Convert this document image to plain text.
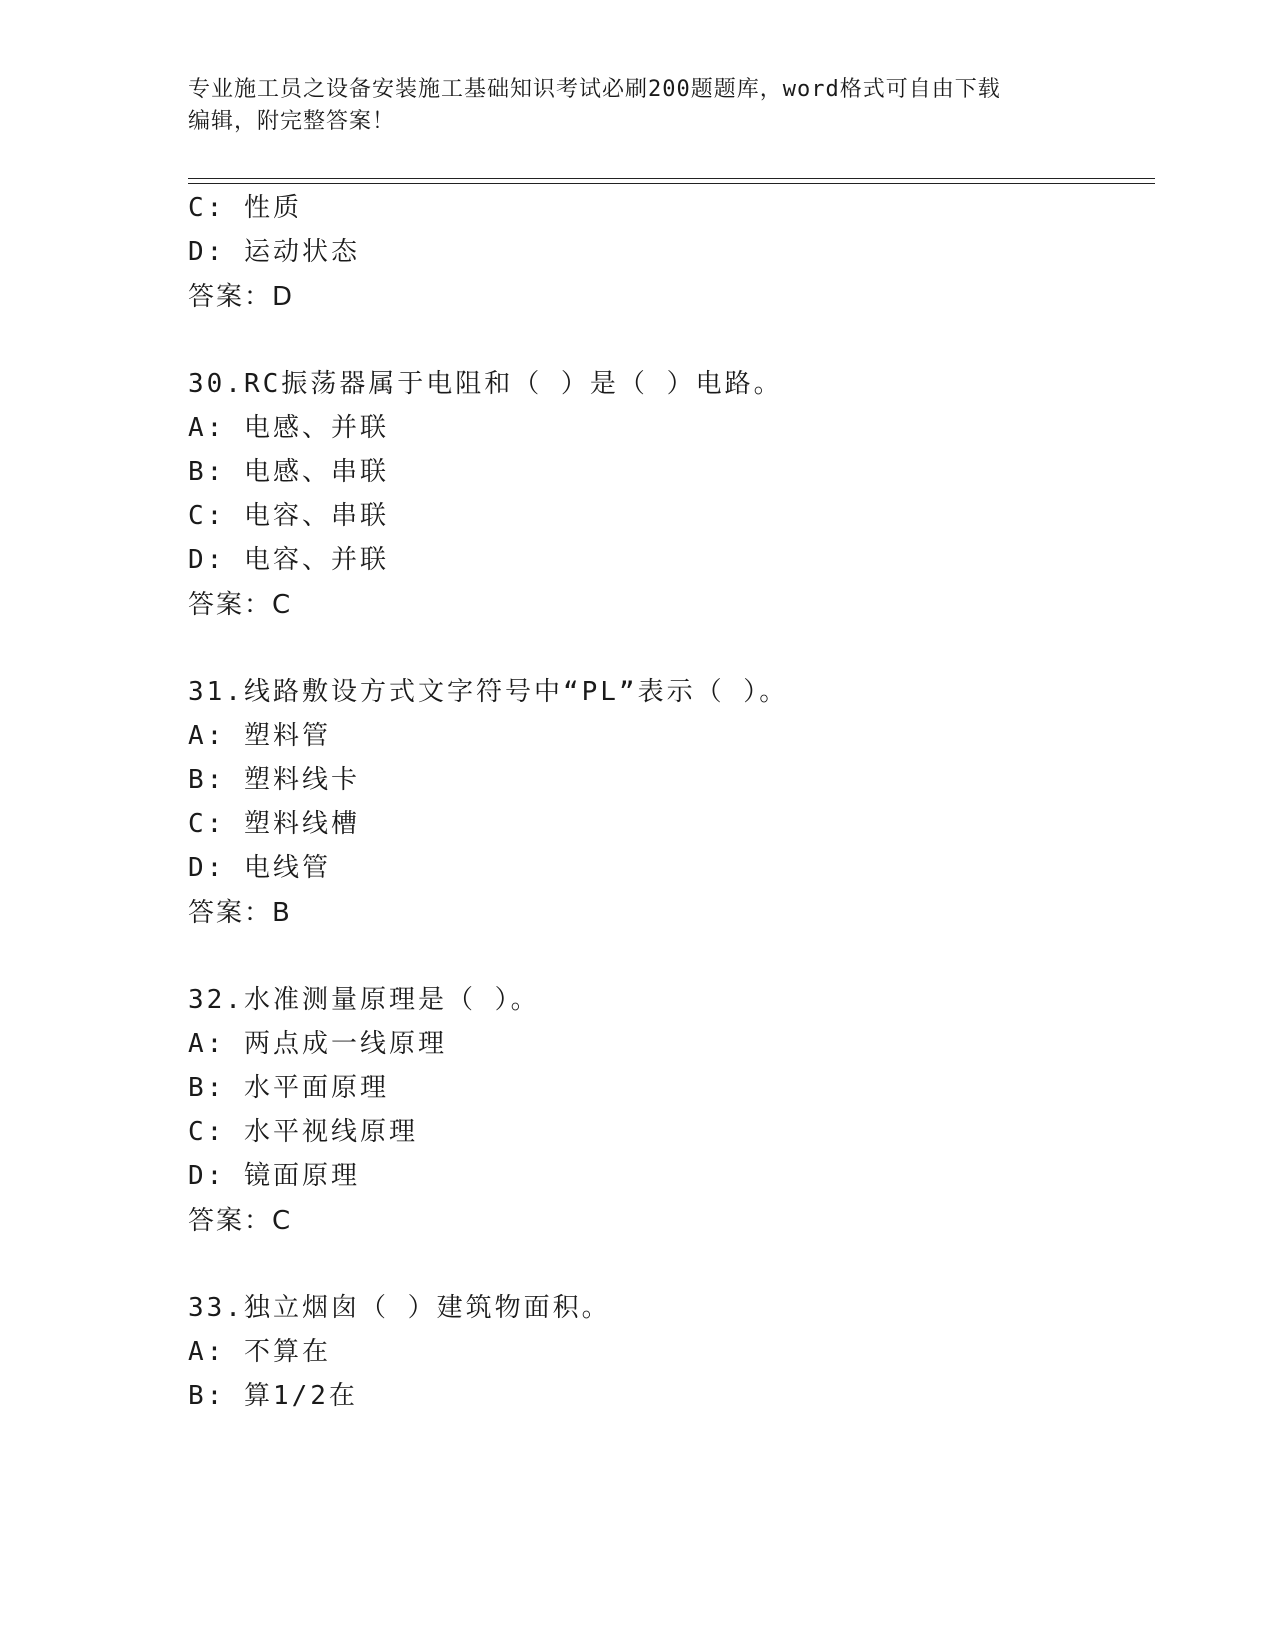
专业施工员之设备安装施工基础知识考试必刷200题题库，word格式可自由下载
编辑，附完整答案！
C: 性质
D: 运动状态
答案：D
30.RC振荡器属于电阻和（ ）是（ ）电路。
A: 电感、并联
B: 电感、串联
C: 电容、串联
D: 电容、并联
答案：C
31.线路敷设方式文字符号中“PL”表示（ ）。
A: 塑料管
B: 塑料线卡
C: 塑料线槽
D: 电线管
答案：B
32.水准测量原理是（ ）。
A: 两点成一线原理
B: 水平面原理
C: 水平视线原理
D: 镜面原理
答案：C
33.独立烟囱（ ）建筑物面积。
A: 不算在
B: 算1/2在
